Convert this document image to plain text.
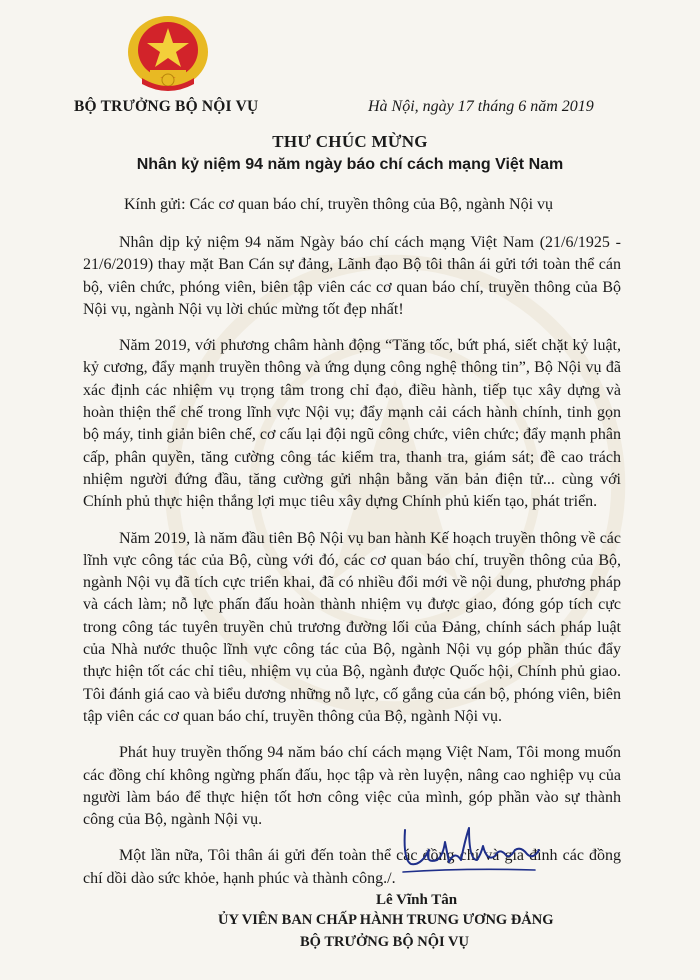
BỘ TRƯỞNG BỘ NỘI VỤ	Hà Nội, ngày 17 tháng 6 năm 2019
THƯ CHÚC MỪNG
Nhân kỷ niệm 94 năm ngày báo chí cách mạng Việt Nam
Kính gửi: Các cơ quan báo chí, truyền thông của Bộ, ngành Nội vụ

Nhân dịp kỷ niệm 94 năm Ngày báo chí cách mạng Việt Nam (21/6/1925 - 21/6/2019) thay mặt Ban Cán sự đảng, Lãnh đạo Bộ tôi thân ái gửi tới toàn thể cán bộ, viên chức, phóng viên, biên tập viên các cơ quan báo chí, truyền thông của Bộ Nội vụ, ngành Nội vụ lời chúc mừng tốt đẹp nhất!

Năm 2019, với phương châm hành động “Tăng tốc, bứt phá, siết chặt kỷ luật, kỷ cương, đẩy mạnh truyền thông và ứng dụng công nghệ thông tin”, Bộ Nội vụ đã xác định các nhiệm vụ trọng tâm trong chỉ đạo, điều hành, tiếp tục xây dựng và hoàn thiện thể chế trong lĩnh vực Nội vụ; đẩy mạnh cải cách hành chính, tinh gọn bộ máy, tinh giản biên chế, cơ cấu lại đội ngũ công chức, viên chức; đẩy mạnh phân cấp, phân quyền, tăng cường công tác kiểm tra, thanh tra, giám sát; đề cao trách nhiệm người đứng đầu, tăng cường gửi nhận bằng văn bản điện tử... cùng với Chính phủ thực hiện thắng lợi mục tiêu xây dựng Chính phủ kiến tạo, phát triển.

Năm 2019, là năm đầu tiên Bộ Nội vụ ban hành Kế hoạch truyền thông về các lĩnh vực công tác của Bộ, cùng với đó, các cơ quan báo chí, truyền thông của Bộ, ngành Nội vụ đã tích cực triển khai, đã có nhiều đổi mới về nội dung, phương pháp và cách làm; nỗ lực phấn đấu hoàn thành nhiệm vụ được giao, đóng góp tích cực trong công tác tuyên truyền chủ trương đường lối của Đảng, chính sách pháp luật của Nhà nước thuộc lĩnh vực công tác của Bộ, ngành Nội vụ góp phần thúc đẩy thực hiện tốt các chỉ tiêu, nhiệm vụ của Bộ, ngành được Quốc hội, Chính phủ giao. Tôi đánh giá cao và biểu dương những nỗ lực, cố gắng của cán bộ, phóng viên, biên tập viên các cơ quan báo chí, truyền thông của Bộ, ngành Nội vụ.

Phát huy truyền thống 94 năm báo chí cách mạng Việt Nam, Tôi mong muốn các đồng chí không ngừng phấn đấu, học tập và rèn luyện, nâng cao nghiệp vụ của người làm báo để thực hiện tốt hơn công việc của mình, góp phần vào sự thành công của Bộ, ngành Nội vụ.

Một lần nữa, Tôi thân ái gửi đến toàn thể các đồng chí và gia đình các đồng chí dồi dào sức khỏe, hạnh phúc và thành công./.

Lê Vĩnh Tân
ỦY VIÊN BAN CHẤP HÀNH TRUNG ƯƠNG ĐẢNG
BỘ TRƯỞNG BỘ NỘI VỤ
